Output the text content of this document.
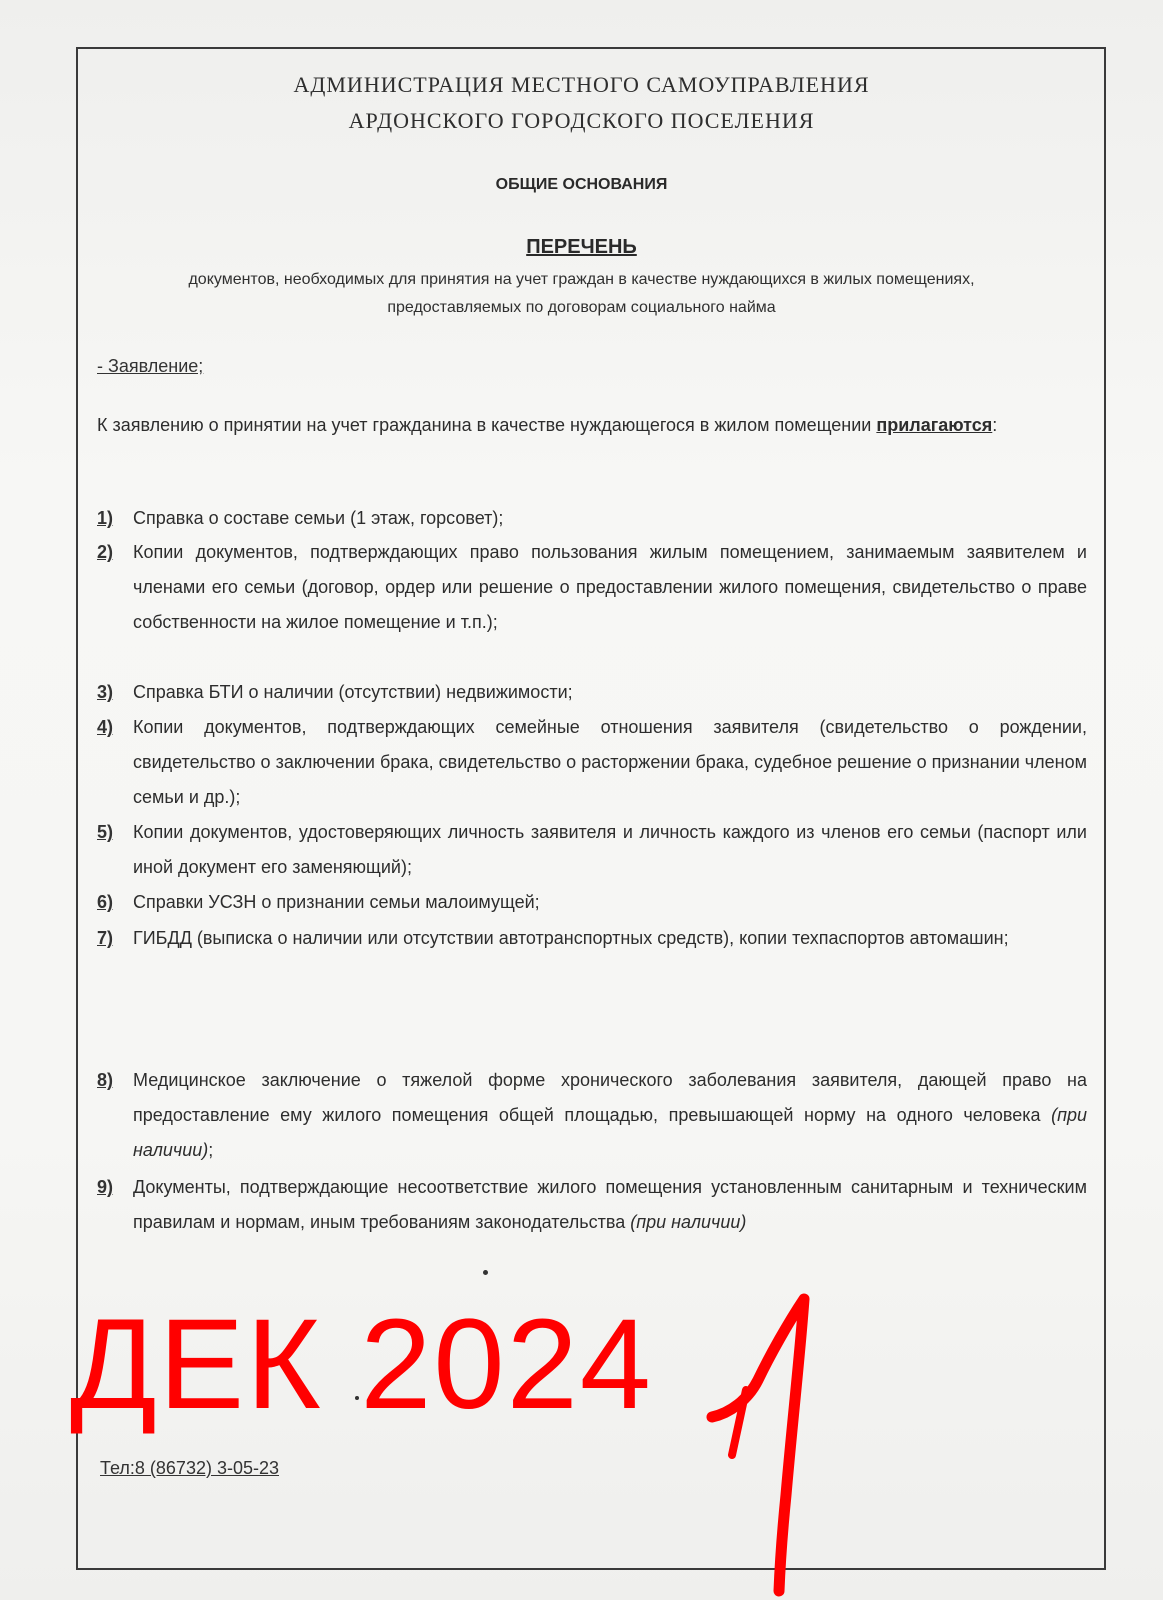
АДМИНИСТРАЦИЯ МЕСТНОГО САМОУПРАВЛЕНИЯ
АРДОНСКОГО ГОРОДСКОГО ПОСЕЛЕНИЯ
ОБЩИЕ ОСНОВАНИЯ
ПЕРЕЧЕНЬ
документов, необходимых для принятия на учет граждан в качестве нуждающихся в жилых помещениях, предоставляемых по договорам социального найма
- Заявление;
К заявлению о принятии на учет гражданина в качестве нуждающегося в жилом помещении прилагаются:
1) Справка о составе семьи (1 этаж, горсовет);
2) Копии документов, подтверждающих право пользования жилым помещением, занимаемым заявителем и членами его семьи (договор, ордер или решение о предоставлении жилого помещения, свидетельство о праве собственности на жилое помещение и т.п.);
3) Справка БТИ о наличии (отсутствии) недвижимости;
4) Копии документов, подтверждающих семейные отношения заявителя (свидетельство о рождении, свидетельство о заключении брака, свидетельство о расторжении брака, судебное решение о признании членом семьи и др.);
5) Копии документов, удостоверяющих личность заявителя и личность каждого из членов его семьи (паспорт или иной документ его заменяющий);
6) Справки УСЗН о признании семьи малоимущей;
7) ГИБДД (выписка о наличии или отсутствии автотранспортных средств), копии техпаспортов автомашин;
8) Медицинское заключение о тяжелой форме хронического заболевания заявителя, дающей право на предоставление ему жилого помещения общей площадью, превышающей норму на одного человека (при наличии);
9) Документы, подтверждающие несоответствие жилого помещения установленным санитарным и техническим правилам и нормам, иным требованиям законодательства (при наличии)
ДЕК 2024
Тел:8 (86732) 3-05-23
